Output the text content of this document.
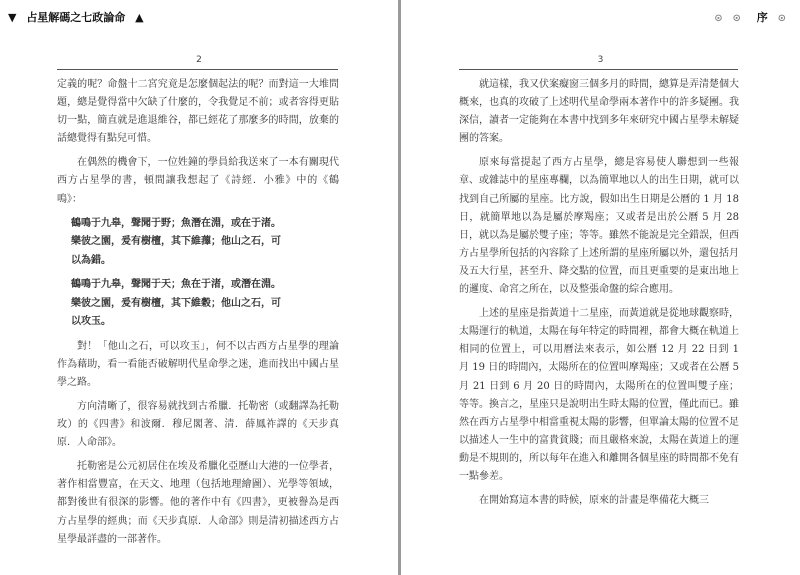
▼ 占星解碼之七政論命 ▲
2

定義的呢？命盤十二宮究竟是怎麼個起法的呢？而對這一大堆問題，總是覺得當中欠缺了什麼的，令我覺足不前；或者容得更貼切一點，簡直就是進退維谷，都已經花了那麼多的時間，放棄的話總覺得有點兒可惜。

在偶然的機會下，一位姓鐘的學員給我送來了一本有關現代西方占星學的書，頓間讓我想起了《詩經．小雅》中的《鶴鳴》：

鶴鳴于九皋，聲聞于野；魚潛在淵，或在于渚。
樂彼之園，爰有樹檀，其下維蘀；他山之石，可
以為錯。
鶴鳴于九皋，聲聞于天；魚在于渚，或潛在淵。
樂彼之園，爰有樹檀，其下維穀；他山之石，可
以攻玉。

對！「他山之石，可以攻玉」，何不以古西方占星學的理論作為藉助，看一看能否破解明代星命學之迷，進而找出中國占星學之路。

方向清晰了，很容易就找到古希臘．托勒密（或翻譯為托勒玫）的《四書》和波爾．穆尼閣著、清．薛鳳祚譯的《天步真原．人命部》。

托勒密是公元初居住在埃及希臘化亞歷山大港的一位學者，著作相當豐富，在天文、地理（包括地理繪圖）、光學等領域，都對後世有很深的影響。他的著作中有《四書》，更被譽為是西方占星學的經典；而《天步真原．人命部》則是清初描述西方占星學最詳盡的一部著作。

⊙ ⊙ 序 ⊙
3

就這樣，我又伏案癡窗三個多月的時間，總算是弄清楚個大概來，也真的攻破了上述明代星命學兩本著作中的許多疑團。我深信，讀者一定能夠在本書中找到多年來研究中國占星學未解疑團的答案。

原來每當提起了西方占星學，總是容易使人聯想到一些報章、或雜誌中的星座專欄，以為簡單地以人的出生日期，就可以找到自己所屬的星座。比方說，假如出生日期是公曆的 1 月 18 日，就簡單地以為是屬於摩羯座；又或者是出於公曆 5 月 28 日，就以為是屬於雙子座；等等。雖然不能說是完全錯誤，但西方占星學所包括的內容除了上述所謂的星座所屬以外，還包括月及五大行星，甚至升、降交點的位置，而且更重要的是東出地上的邏度、命宮之所在，以及整張命盤的綜合應用。

上述的星座是指黃道十二星座，而黃道就是從地球觀察時，太陽運行的軌道，太陽在每年特定的時間裡，都會大概在軌道上相同的位置上，可以用曆法來表示，如公曆 12 月 22 日到 1 月 19 日的時間內，太陽所在的位置叫摩羯座；又或者在公曆 5 月 21 日到 6 月 20 日的時間內，太陽所在的位置叫雙子座；等等。換言之，星座只是說明出生時太陽的位置，僅此而已。雖然在西方占星學中相當重視太陽的影響，但單論太陽的位置不足以描述人一生中的富貴貧賤；而且嚴格來說，太陽在黃道上的運動是不規則的，所以每年在進入和離開各個星座的時間都不免有一點參差。

在開始寫這本書的時候，原來的計畫是準備花大概三
